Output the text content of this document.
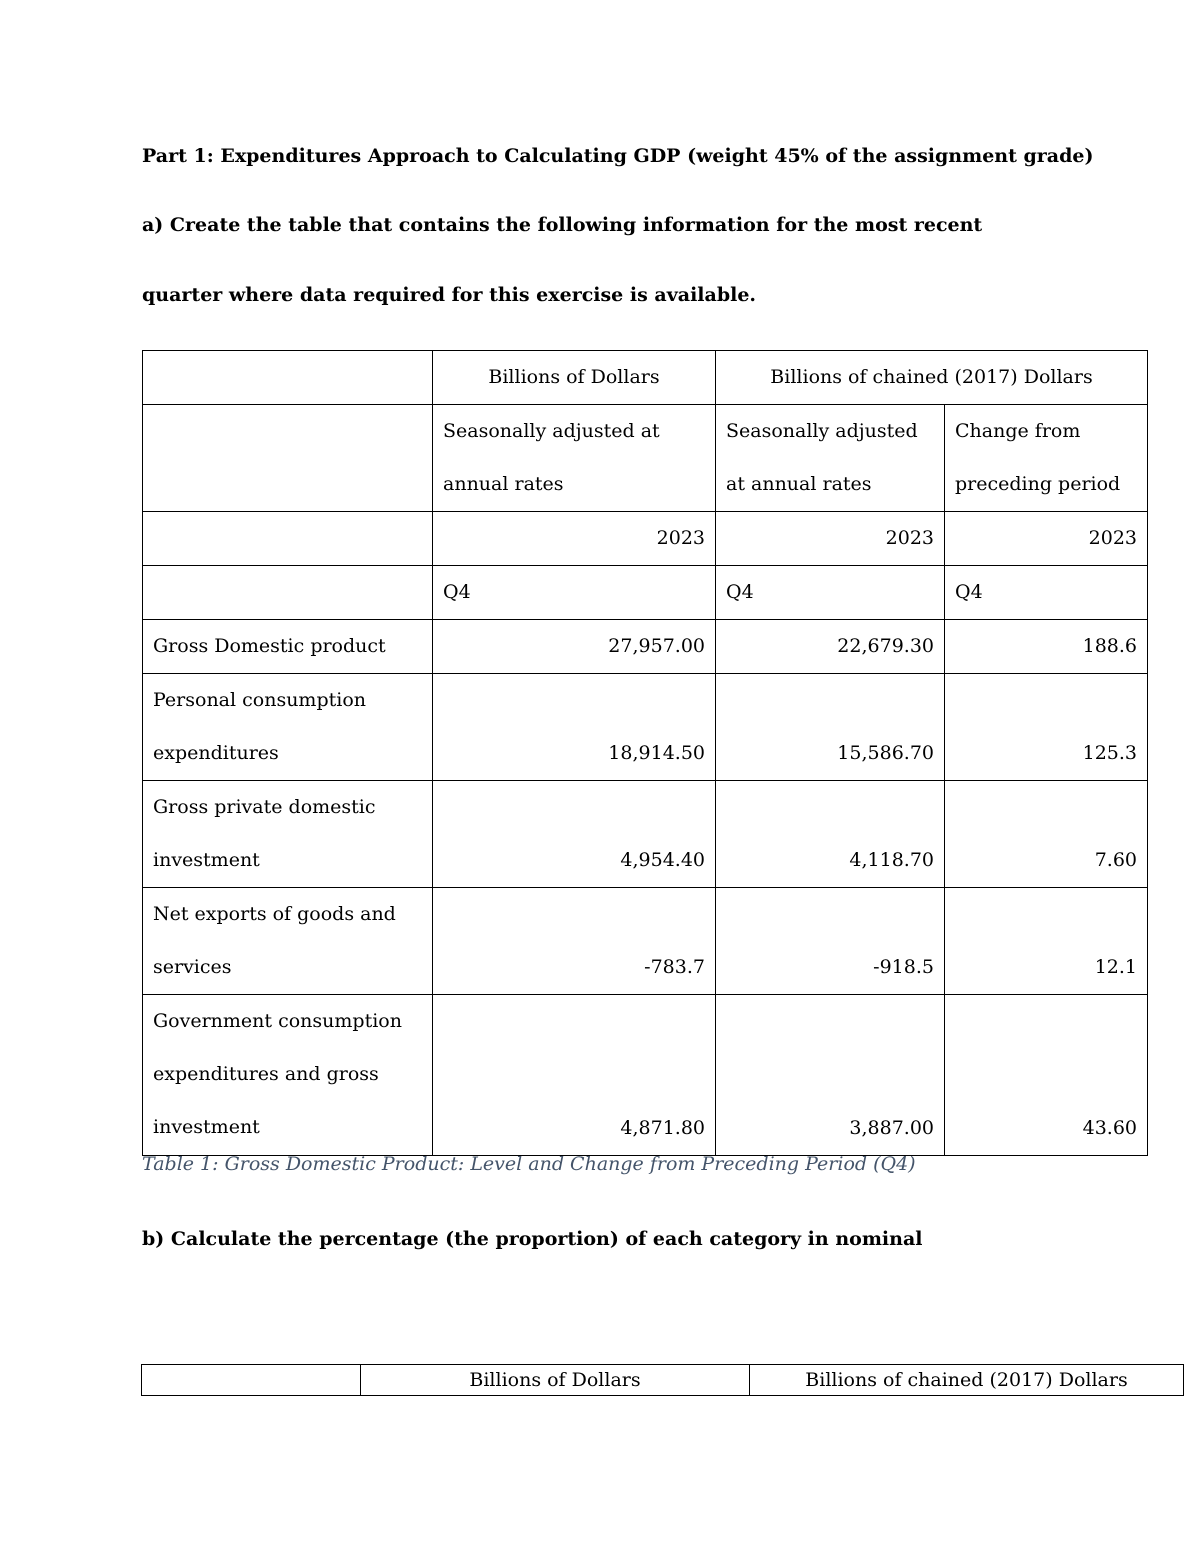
Part 1: Expenditures Approach to Calculating GDP (weight 45% of the assignment grade)

a) Create the table that contains the following information for the most recent

quarter where data required for this exercise is available.

	Billions of Dollars	Billions of chained (2017) Dollars	
	Seasonally adjusted at annual rates	Seasonally adjusted at annual rates	Change from preceding period
	2023	2023	2023
	Q4	Q4	Q4
Gross Domestic product	27,957.00	22,679.30	188.6
Personal consumption expenditures	18,914.50	15,586.70	125.3
Gross private domestic investment	4,954.40	4,118.70	7.60
Net exports of goods and services	-783.7	-918.5	12.1
Government consumption expenditures and gross investment	4,871.80	3,887.00	43.60

Table 1: Gross Domestic Product: Level and Change from Preceding Period (Q4)

b) Calculate the percentage (the proportion) of each category in nominal

	Billions of Dollars	Billions of chained (2017) Dollars
